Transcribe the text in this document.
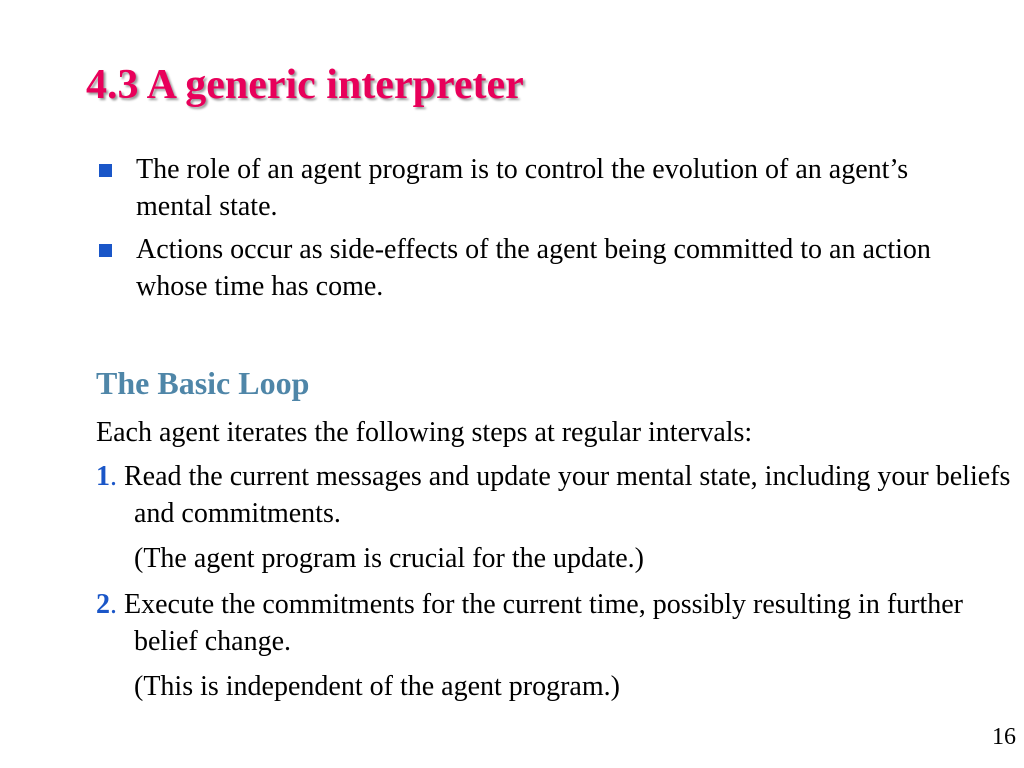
4.3 A generic interpreter
The role of an agent program is to control the evolution of an agent’s mental state.
Actions occur as side-effects of the agent being committed to an action whose time has come.
The Basic Loop
Each agent iterates the following steps at regular intervals:
1. Read the current messages and update your mental state, including your beliefs and commitments.
(The agent program is crucial for the update.)
2. Execute the commitments for the current time, possibly resulting in further belief change.
(This is independent of the agent program.)
16
